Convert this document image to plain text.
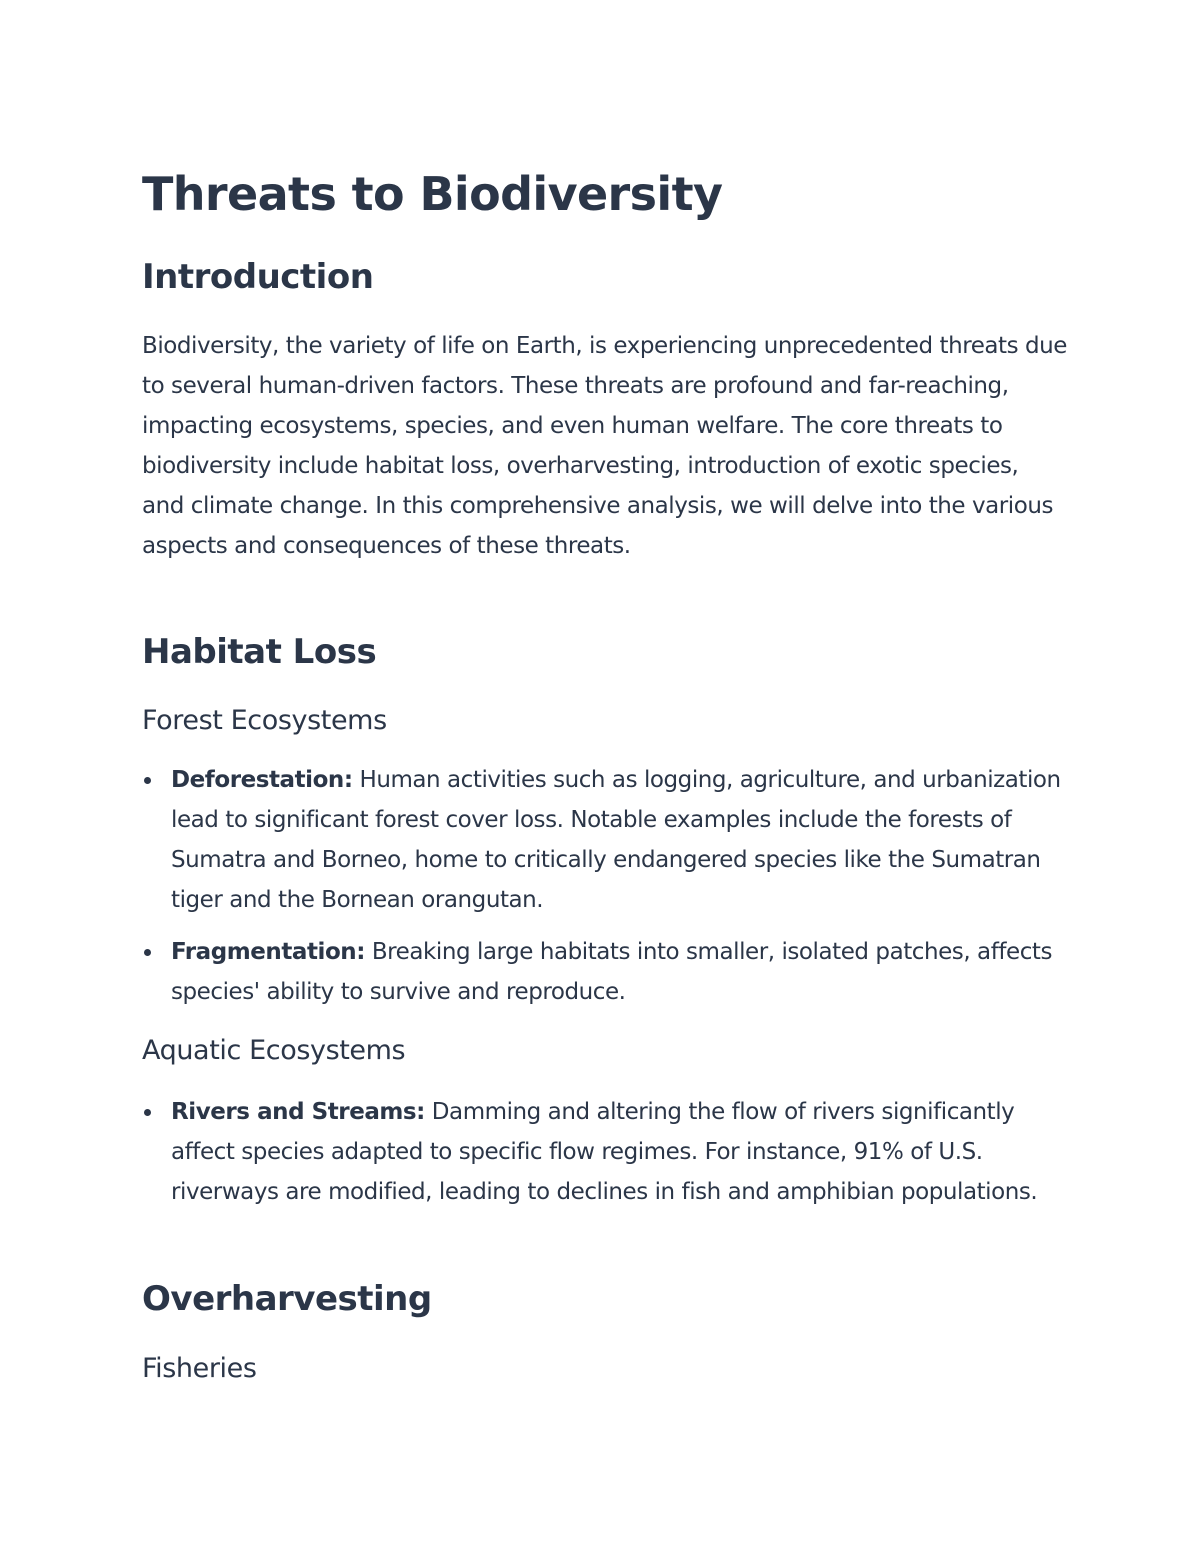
Threats to Biodiversity
Introduction

Biodiversity, the variety of life on Earth, is experiencing unprecedented threats due to several human-driven factors. These threats are profound and far-reaching, impacting ecosystems, species, and even human welfare. The core threats to biodiversity include habitat loss, overharvesting, introduction of exotic species, and climate change. In this comprehensive analysis, we will delve into the various aspects and consequences of these threats.

Habitat Loss
Forest Ecosystems
Deforestation: Human activities such as logging, agriculture, and urbanization lead to significant forest cover loss. Notable examples include the forests of Sumatra and Borneo, home to critically endangered species like the Sumatran tiger and the Bornean orangutan.
Fragmentation: Breaking large habitats into smaller, isolated patches, affects species' ability to survive and reproduce.
Aquatic Ecosystems
Rivers and Streams: Damming and altering the flow of rivers significantly affect species adapted to specific flow regimes. For instance, 91% of U.S. riverways are modified, leading to declines in fish and amphibian populations.
Overharvesting
Fisheries
